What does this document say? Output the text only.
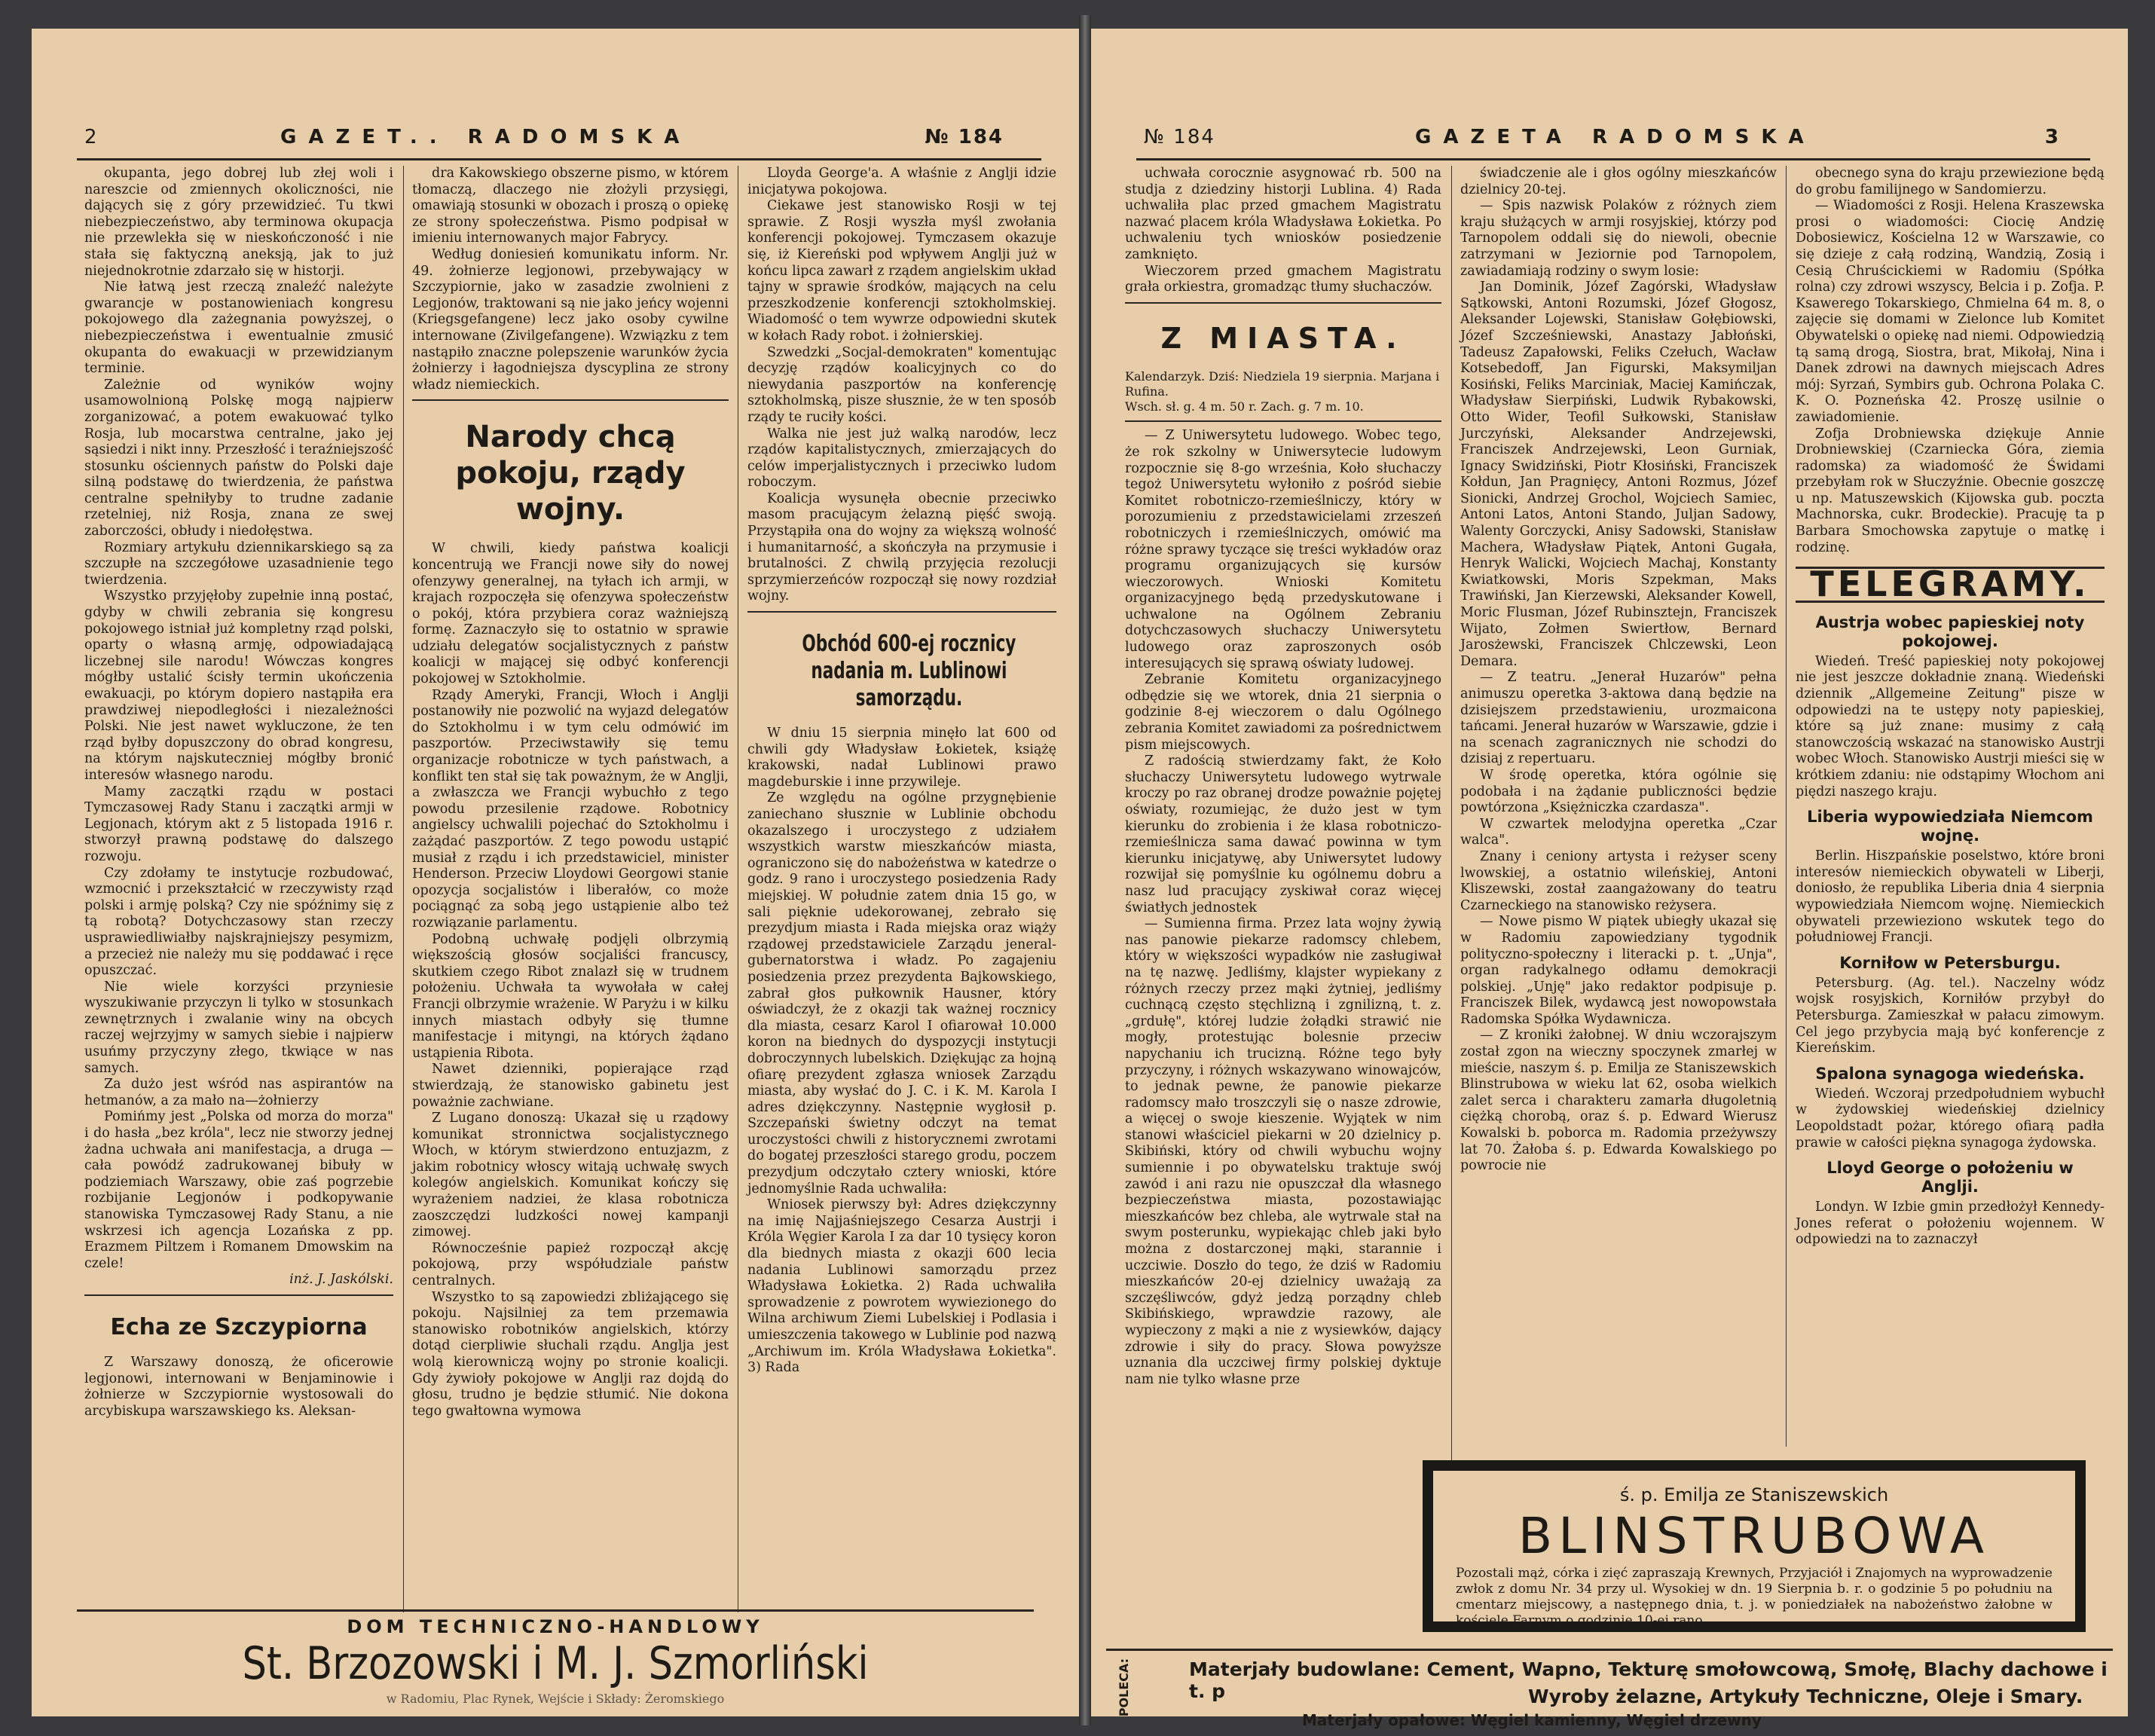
2	GAZET.. RADOMSKA	№ 184

okupanta, jego dobrej lub złej woli i nareszcie od zmiennych okoliczności, nie dających się z góry przewidzieć. Tu tkwi niebezpieczeństwo, aby terminowa okupacja nie przewlekła się w nieskończoność i nie stała się faktyczną aneksją, jak to już niejednokrotnie zdarzało się w historji.

Nie łatwą jest rzeczą znaleźć należyte gwarancje w postanowieniach kongresu pokojowego dla zażegnania powyższej, o niebezpieczeństwa i ewentualnie zmusić okupanta do ewakuacji w przewidzianym terminie.

Zależnie od wyników wojny usamowolnioną Polskę mogą najpierw zorganizować, a potem ewakuować tylko Rosja, lub mocarstwa centralne, jako jej sąsiedzi i nikt inny. Przeszłość i teraźniejszość stosunku ościennych państw do Polski daje silną podstawę do twierdzenia, że państwa centralne spełniłyby to trudne zadanie rzetelniej, niż Rosja, znana ze swej zaborczości, obłudy i niedołęstwa.

Rozmiary artykułu dziennikarskiego są za szczupłe na szczegółowe uzasadnienie tego twierdzenia.

Wszystko przyjęłoby zupełnie inną postać, gdyby w chwili zebrania się kongresu pokojowego istniał już kompletny rząd polski, oparty o własną armję, odpowiadającą liczebnej sile narodu! Wówczas kongres mógłby ustalić ścisły termin ukończenia ewakuacji, po którym dopiero nastąpiła era prawdziwej niepodległości i niezależności Polski. Nie jest nawet wykluczone, że ten rząd byłby dopuszczony do obrad kongresu, na którym najskuteczniej mógłby bronić interesów własnego narodu.

Mamy zaczątki rządu w postaci Tymczasowej Rady Stanu i zaczątki armji w Legjonach, którym akt z 5 listopada 1916 r. stworzył prawną podstawę do dalszego rozwoju.

Czy zdołamy te instytucje rozbudować, wzmocnić i przekształcić w rzeczywisty rząd polski i armję polską? Czy nie spóźnimy się z tą robotą? Dotychczasowy stan rzeczy usprawiedliwiałby najskrajniejszy pesymizm, a przecież nie należy mu się poddawać i ręce opuszczać.

Nie wiele korzyści przyniesie wyszukiwanie przyczyn li tylko w stosunkach zewnętrznych i zwalanie winy na obcych raczej wejrzyjmy w samych siebie i najpierw usuńmy przyczyny złego, tkwiące w nas samych.

Za dużo jest wśród nas aspirantów na hetmanów, a za mało na—żołnierzy

Pomińmy jest „Polska od morza do morza" i do hasła „bez króla", lecz nie stworzy jednej żadna uchwała ani manifestacja, a druga — cała powódź zadrukowanej bibuły w podziemiach Warszawy, obie zaś pogrzebie rozbijanie Legjonów i podkopywanie stanowiska Tymczasowej Rady Stanu, a nie wskrzesi ich agencja Lozańska z pp. Erazmem Piltzem i Romanem Dmowskim na czele!

inż. J. Jaskólski.

Echa ze Szczypiorna

Z Warszawy donoszą, że oficerowie legjonowi, internowani w Benjaminowie i żołnierze w Szczypiornie wystosowali do arcybiskupa warszawskiego ks. Aleksan-

dra Kakowskiego obszerne pismo, w którem tłomaczą, dlaczego nie złożyli przysięgi, omawiają stosunki w obozach i proszą o opiekę ze strony społeczeństwa. Pismo podpisał w imieniu internowanych major Fabrycy.

Według doniesień komunikatu inform. Nr. 49. żołnierze legjonowi, przebywający w Szczypiornie, jako w zasadzie zwolnieni z Legjonów, traktowani są nie jako jeńcy wojenni (Kriegsgefangene) lecz jako osoby cywilne internowane (Zivilgefangene). Wzwiązku z tem nastąpiło znaczne polepszenie warunków życia żołnierzy i łagodniejsza dyscyplina ze strony władz niemieckich.

Narody chcą pokoju, rządy wojny.

W chwili, kiedy państwa koalicji koncentrują we Francji nowe siły do nowej ofenzywy generalnej, na tyłach ich armji, w krajach rozpoczęła się ofenzywa społeczeństw o pokój, która przybiera coraz ważniejszą formę. Zaznaczyło się to ostatnio w sprawie udziału delegatów socjalistycznych z państw koalicji w mającej się odbyć konferencji pokojowej w Sztokholmie.

Rządy Ameryki, Francji, Włoch i Anglji postanowiły nie pozwolić na wyjazd delegatów do Sztokholmu i w tym celu odmówić im paszportów. Przeciwstawiły się temu organizacje robotnicze w tych państwach, a konflikt ten stał się tak poważnym, że w Anglji, a zwłaszcza we Francji wybuchło z tego powodu przesilenie rządowe. Robotnicy angielscy uchwalili pojechać do Sztokholmu i zażądać paszportów. Z tego powodu ustąpić musiał z rządu i ich przedstawiciel, minister Henderson. Przeciw Lloydowi Georgowi stanie opozycja socjalistów i liberałów, co może pociągnąć za sobą jego ustąpienie albo też rozwiązanie parlamentu.

Podobną uchwałę podjęli olbrzymią większością głosów socjaliści francuscy, skutkiem czego Ribot znalazł się w trudnem położeniu. Uchwała ta wywołała w całej Francji olbrzymie wrażenie. W Paryżu i w kilku innych miastach odbyły się tłumne manifestacje i mityngi, na których żądano ustąpienia Ribota.

Nawet dzienniki, popierające rząd stwierdzają, że stanowisko gabinetu jest poważnie zachwiane.

Z Lugano donoszą: Ukazał się u rządowy komunikat stronnictwa socjalistycznego Włoch, w którym stwierdzono entuzjazm, z jakim robotnicy włoscy witają uchwałę swych kolegów angielskich. Komunikat kończy się wyrażeniem nadziei, że klasa robotnicza zaoszczędzi ludzkości nowej kampanji zimowej.

Równocześnie papież rozpoczął akcję pokojową, przy współudziale państw centralnych.

Wszystko to są zapowiedzi zbliżającego się pokoju. Najsilniej za tem przemawia stanowisko robotników angielskich, którzy dotąd cierpliwie słuchali rządu. Anglja jest wolą kierowniczą wojny po stronie koalicji. Gdy żywioły pokojowe w Anglji raz dojdą do głosu, trudno je będzie stłumić. Nie dokona tego gwałtowna wymowa

Lloyda George'a. A właśnie z Anglji idzie inicjatywa pokojowa.

Ciekawe jest stanowisko Rosji w tej sprawie. Z Rosji wyszła myśl zwołania konferencji pokojowej. Tymczasem okazuje się, iż Kiereński pod wpływem Anglji już w końcu lipca zawarł z rządem angielskim układ tajny w sprawie środków, mających na celu przeszkodzenie konferencji sztokholmskiej. Wiadomość o tem wywrze odpowiedni skutek w kołach Rady robot. i żołnierskiej.

Szwedzki „Socjal-demokraten" komentując decyzję rządów koalicyjnych co do niewydania paszportów na konferencję sztokholmską, pisze słusznie, że w ten sposób rządy te ruciły kości.

Walka nie jest już walką narodów, lecz rządów kapitalistycznych, zmierzających do celów imperjalistycznych i przeciwko ludom roboczym.

Koalicja wysunęła obecnie przeciwko masom pracującym żelazną pięść swoją. Przystąpiła ona do wojny za większą wolność i humanitarność, a skończyła na przymusie i brutalności. Z chwilą przyjęcia rezolucji sprzymierzeńców rozpoczął się nowy rozdział wojny.

Obchód 600-ej rocznicy nadania m. Lublinowi samorządu.

W dniu 15 sierpnia minęło lat 600 od chwili gdy Władysław Łokietek, książę krakowski, nadał Lublinowi prawo magdeburskie i inne przywileje.

Ze względu na ogólne przygnębienie zaniechano słusznie w Lublinie obchodu okazalszego i uroczystego z udziałem wszystkich warstw mieszkańców miasta, ograniczono się do nabożeństwa w katedrze o godz. 9 rano i uroczystego posiedzenia Rady miejskiej. W południe zatem dnia 15 go, w sali pięknie udekorowanej, zebrało się prezydjum miasta i Rada miejska oraz wiąży rządowej przedstawiciele Zarządu jeneral-gubernatorstwa i władz. Po zagajeniu posiedzenia przez prezydenta Bajkowskiego, zabrał głos pułkownik Hausner, który oświadczył, że z okazji tak ważnej rocznicy dla miasta, cesarz Karol I ofiarował 10.000 koron na biednych do dyspozycji instytucji dobroczynnych lubelskich. Dziękując za hojną ofiarę prezydent zgłasza wniosek Zarządu miasta, aby wysłać do J. C. i K. M. Karola I adres dziękczynny. Następnie wygłosił p. Szczepański świetny odczyt na temat uroczystości chwili z historycznemi zwrotami do bogatej przeszłości starego grodu, poczem prezydjum odczytało cztery wnioski, które jednomyślnie Rada uchwaliła:

Wniosek pierwszy był: Adres dziękczynny na imię Najjaśniejszego Cesarza Austrji i Króla Węgier Karola I za dar 10 tysięcy koron dla biednych miasta z okazji 600 lecia nadania Lublinowi samorządu przez Władysława Łokietka. 2) Rada uchwaliła sprowadzenie z powrotem wywiezionego do Wilna archiwum Ziemi Lubelskiej i Podlasia i umieszczenia takowego w Lublinie pod nazwą „Archiwum im. Króla Władysława Łokietka". 3) Rada

DOM TECHNICZNO-HANDLOWY
St. Brzozowski i M. J. Szmorliński
w Radomiu, Plac Rynek, Wejście i Składy: Żeromskiego
№ 184	GAZETA RADOMSKA	3

uchwała corocznie asygnować rb. 500 na studja z dziedziny historji Lublina. 4) Rada uchwaliła plac przed gmachem Magistratu nazwać placem króla Władysława Łokietka. Po uchwaleniu tych wniosków posiedzenie zamknięto.

Wieczorem przed gmachem Magistratu grała orkiestra, gromadząc tłumy słuchaczów.

Z MIASTA.

Kalendarzyk. Dziś: Niedziela 19 sierpnia. Marjana i Rufina.

Wsch. sł. g. 4 m. 50 r. Zach. g. 7 m. 10.

— Z Uniwersytetu ludowego. Wobec tego, że rok szkolny w Uniwersytecie ludowym rozpocznie się 8-go września, Koło słuchaczy tegoż Uniwersytetu wyłoniło z pośród siebie Komitet robotniczo-rzemieślniczy, który w porozumieniu z przedstawicielami zrzeszeń robotniczych i rzemieślniczych, omówić ma różne sprawy tyczące się treści wykładów oraz programu organizujących się kursów wieczorowych. Wnioski Komitetu organizacyjnego będą przedyskutowane i uchwalone na Ogólnem Zebraniu dotychczasowych słuchaczy Uniwersytetu ludowego oraz zaproszonych osób interesujących się sprawą oświaty ludowej.

Zebranie Komitetu organizacyjnego odbędzie się we wtorek, dnia 21 sierpnia o godzinie 8-ej wieczorem o dalu Ogólnego zebrania Komitet zawiadomi za pośrednictwem pism miejscowych.

Z radością stwierdzamy fakt, że Koło słuchaczy Uniwersytetu ludowego wytrwale kroczy po raz obranej drodze poważnie pojętej oświaty, rozumiejąc, że dużo jest w tym kierunku do zrobienia i że klasa robotniczo-rzemieślnicza sama dawać powinna w tym kierunku inicjatywę, aby Uniwersytet ludowy rozwijał się pomyślnie ku ogólnemu dobru a nasz lud pracujący zyskiwał coraz więcej światłych jednostek

— Sumienna firma. Przez lata wojny żywią nas panowie piekarze radomscy chlebem, który w większości wypadków nie zasługiwał na tę nazwę. Jedliśmy, klajster wypiekany z różnych rzeczy przez mąki żytniej, jedliśmy cuchnącą często stęchlizną i zgnilizną, t. z. „grdułę", której ludzie żołądki strawić nie mogły, protestując bolesnie przeciw napychaniu ich trucizną. Różne tego były przyczyny, i różnych wskazywano winowajców, to jednak pewne, że panowie piekarze radomscy mało troszczyli się o nasze zdrowie, a więcej o swoje kieszenie. Wyjątek w nim stanowi właściciel piekarni w 20 dzielnicy p. Skibiński, który od chwili wybuchu wojny sumiennie i po obywatelsku traktuje swój zawód i ani razu nie opuszczał dla własnego bezpieczeństwa miasta, pozostawiając mieszkańców bez chleba, ale wytrwale stał na swym posterunku, wypiekając chleb jaki było można z dostarczonej mąki, starannie i uczciwie. Doszło do tego, że dziś w Radomiu mieszkańców 20-ej dzielnicy uważają za szczęśliwców, gdyż jedzą porządny chleb Skibińskiego, wprawdzie razowy, ale wypieczony z mąki a nie z wysiewków, dający zdrowie i siły do pracy. Słowa powyższe uznania dla uczciwej firmy polskiej dyktuje nam nie tylko własne prze

świadczenie ale i głos ogólny mieszkańców dzielnicy 20-tej.

— Spis nazwisk Polaków z różnych ziem kraju służących w armji rosyjskiej, którzy pod Tarnopolem oddali się do niewoli, obecnie zatrzymani w Jeziornie pod Tarnopolem, zawiadamiają rodziny o swym losie:

Jan Dominik, Józef Zagórski, Władysław Sątkowski, Antoni Rozumski, Józef Głogosz, Aleksander Lojewski, Stanisław Gołębiowski, Józef Szcześniewski, Anastazy Jabłoński, Tadeusz Zapałowski, Feliks Czełuch, Wacław Kotsebedoff, Jan Figurski, Maksymiljan Kosiński, Feliks Marciniak, Maciej Kamińczak, Władysław Sierpiński, Ludwik Rybakowski, Otto Wider, Teofil Sułkowski, Stanisław Jurczyński, Aleksander Andrzejewski, Franciszek Andrzejewski, Leon Gurniak, Ignacy Swidziński, Piotr Kłosiński, Franciszek Kołdun, Jan Pragnięcy, Antoni Rozmus, Józef Sionicki, Andrzej Grochol, Wojciech Samiec, Antoni Latos, Antoni Stando, Juljan Sadowy, Walenty Gorczycki, Anisy Sadowski, Stanisław Machera, Władysław Piątek, Antoni Gugała, Henryk Walicki, Wojciech Machaj, Konstanty Kwiatkowski, Moris Szpekman, Maks Trawiński, Jan Kierzewski, Aleksander Kowell, Moric Flusman, Józef Rubinsztejn, Franciszek Wijato, Zołmen Swiertłow, Bernard Jarosżewski, Franciszek Chlczewski, Leon Demara.

— Z teatru. „Jenerał Huzarów" pełna animuszu operetka 3-aktowa daną będzie na dzisiejszem przedstawieniu, urozmaicona tańcami. Jenerał huzarów w Warszawie, gdzie i na scenach zagranicznych nie schodzi do dzisiaj z repertuaru.

W środę operetka, która ogólnie się podobała i na żądanie publiczności będzie powtórzona „Księżniczka czardasza".

W czwartek melodyjna operetka „Czar walca".

Znany i ceniony artysta i reżyser sceny lwowskiej, a ostatnio wileńskiej, Antoni Kliszewski, został zaangażowany do teatru Czarneckiego na stanowisko reżysera.

— Nowe pismo W piątek ubiegły ukazał się w Radomiu zapowiedziany tygodnik polityczno-społeczny i literacki p. t. „Unja", organ radykalnego odłamu demokracji polskiej. „Unję" jako redaktor podpisuje p. Franciszek Bilek, wydawcą jest nowopowstała Radomska Spółka Wydawnicza.

— Z kroniki żałobnej. W dniu wczorajszym został zgon na wieczny spoczynek zmarłej w mieście, naszym ś. p. Emilja ze Staniszewskich Blinstrubowa w wieku lat 62, osoba wielkich zalet serca i charakteru zamarła długoletnią ciężką chorobą, oraz ś. p. Edward Wierusz Kowalski b. poborca m. Radomia przeżywszy lat 70. Żałoba ś. p. Edwarda Kowalskiego po powrocie nie

obecnego syna do kraju przewiezione będą do grobu familijnego w Sandomierzu.

— Wiadomości z Rosji. Helena Kraszewska prosi o wiadomości: Ciocię Andzię Dobosiewicz, Kościelna 12 w Warszawie, co się dzieje z całą rodziną, Wandzią, Zosią i Cesią Chruścickiemi w Radomiu (Spółka rolna) czy zdrowi wszyscy, Belcia i p. Zofja. P. Ksawerego Tokarskiego, Chmielna 64 m. 8, o zajęcie się domami w Zielonce lub Komitet Obywatelski o opiekę nad niemi. Odpowiedzią tą samą drogą, Siostra, brat, Mikołaj, Nina i Danek zdrowi na dawnych miejscach Adres mój: Syrzań, Symbirs gub. Ochrona Polaka C. K. O. Pozneńska 42. Proszę usilnie o zawiadomienie.

Zofja Drobniewska dziękuje Annie Drobniewskiej (Czarniecka Góra, ziemia radomska) za wiadomość że Świdami przebyłam rok w Słuczyźnie. Obecnie goszczę u np. Matuszewskich (Kijowska gub. poczta Machnorska, cukr. Brodeckie). Pracuję ta p Barbara Smochowska zapytuje o matkę i rodzinę.

TELEGRAMY.
Austrja wobec papieskiej noty pokojowej.

Wiedeń. Treść papieskiej noty pokojowej nie jest jeszcze dokładnie znaną. Wiedeński dziennik „Allgemeine Zeitung" pisze w odpowiedzi na te ustępy noty papieskiej, które są już znane: musimy z całą stanowczością wskazać na stanowisko Austrji wobec Włoch. Stanowisko Austrji mieści się w krótkiem zdaniu: nie odstąpimy Włochom ani piędzi naszego kraju.

Liberia wypowiedziała Niemcom wojnę.

Berlin. Hiszpańskie poselstwo, które broni interesów niemieckich obywateli w Liberji, doniosło, że republika Liberia dnia 4 sierpnia wypowiedziała Niemcom wojnę. Niemieckich obywateli przewieziono wskutek tego do południowej Francji.

Korniłow w Petersburgu.

Petersburg. (Ag. tel.). Naczelny wódz wojsk rosyjskich, Korniłów przybył do Petersburga. Zamieszkał w pałacu zimowym. Cel jego przybycia mają być konferencje z Kiereńskim.

Spalona synagoga wiedeńska.

Wiedeń. Wczoraj przedpołudniem wybuchł w żydowskiej wiedeńskiej dzielnicy Leopoldstadt pożar, którego ofiarą padła prawie w całości piękna synagoga żydowska.

Lloyd George o położeniu w Anglji.

Londyn. W Izbie gmin przedłożył Kennedy-Jones referat o położeniu wojennem. W odpowiedzi na to zaznaczył

ś. p. Emilja ze Staniszewskich
BLINSTRUBOWA
Pozostali mąż, córka i zięć zapraszają Krewnych, Przyjaciół i Znajomych na wyprowadzenie zwłok z domu Nr. 34 przy ul. Wysokiej w dn. 19 Sierpnia b. r. o godzinie 5 po południu na cmentarz miejscowy, a następnego dnia, t. j. w poniedziałek na nabożeństwo żałobne w kościele Farnym o godzinie 10-ej rano.
POLECA:	Materjały budowlane: Cement, Wapno, Tekturę smołowcową, Smołę, Blachy dachowe i t. p	Wyroby żelazne, Artykuły Techniczne, Oleje i Smary.
Materjały opałowe: Węgiel kamienny, Węgiel drzewny
